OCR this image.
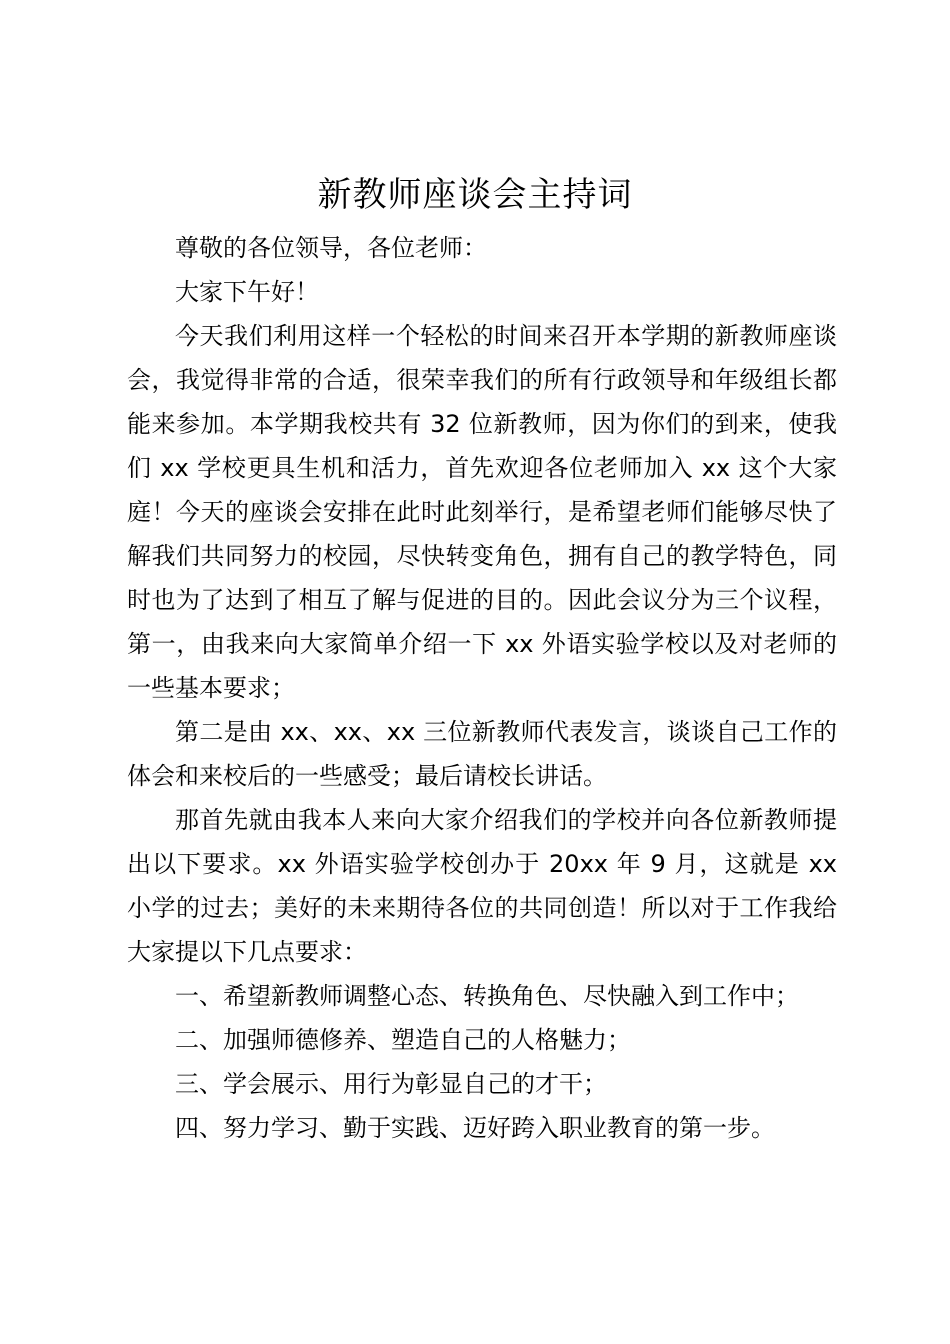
新教师座谈会主持词

尊敬的各位领导，各位老师：

大家下午好！

今天我们利用这样一个轻松的时间来召开本学期的新教师座谈会，我觉得非常的合适，很荣幸我们的所有行政领导和年级组长都能来参加。本学期我校共有 32 位新教师，因为你们的到来，使我们 xx 学校更具生机和活力，首先欢迎各位老师加入 xx 这个大家庭！今天的座谈会安排在此时此刻举行，是希望老师们能够尽快了解我们共同努力的校园，尽快转变角色，拥有自己的教学特色，同时也为了达到了相互了解与促进的目的。因此会议分为三个议程，第一，由我来向大家简单介绍一下 xx 外语实验学校以及对老师的一些基本要求；

第二是由 xx、xx、xx 三位新教师代表发言，谈谈自己工作的体会和来校后的一些感受；最后请校长讲话。

那首先就由我本人来向大家介绍我们的学校并向各位新教师提出以下要求。xx 外语实验学校创办于 20xx 年 9 月，这就是 xx 小学的过去；美好的未来期待各位的共同创造！所以对于工作我给大家提以下几点要求：

一、希望新教师调整心态、转换角色、尽快融入到工作中；

二、加强师德修养、塑造自己的人格魅力；

三、学会展示、用行为彰显自己的才干；

四、努力学习、勤于实践、迈好跨入职业教育的第一步。
